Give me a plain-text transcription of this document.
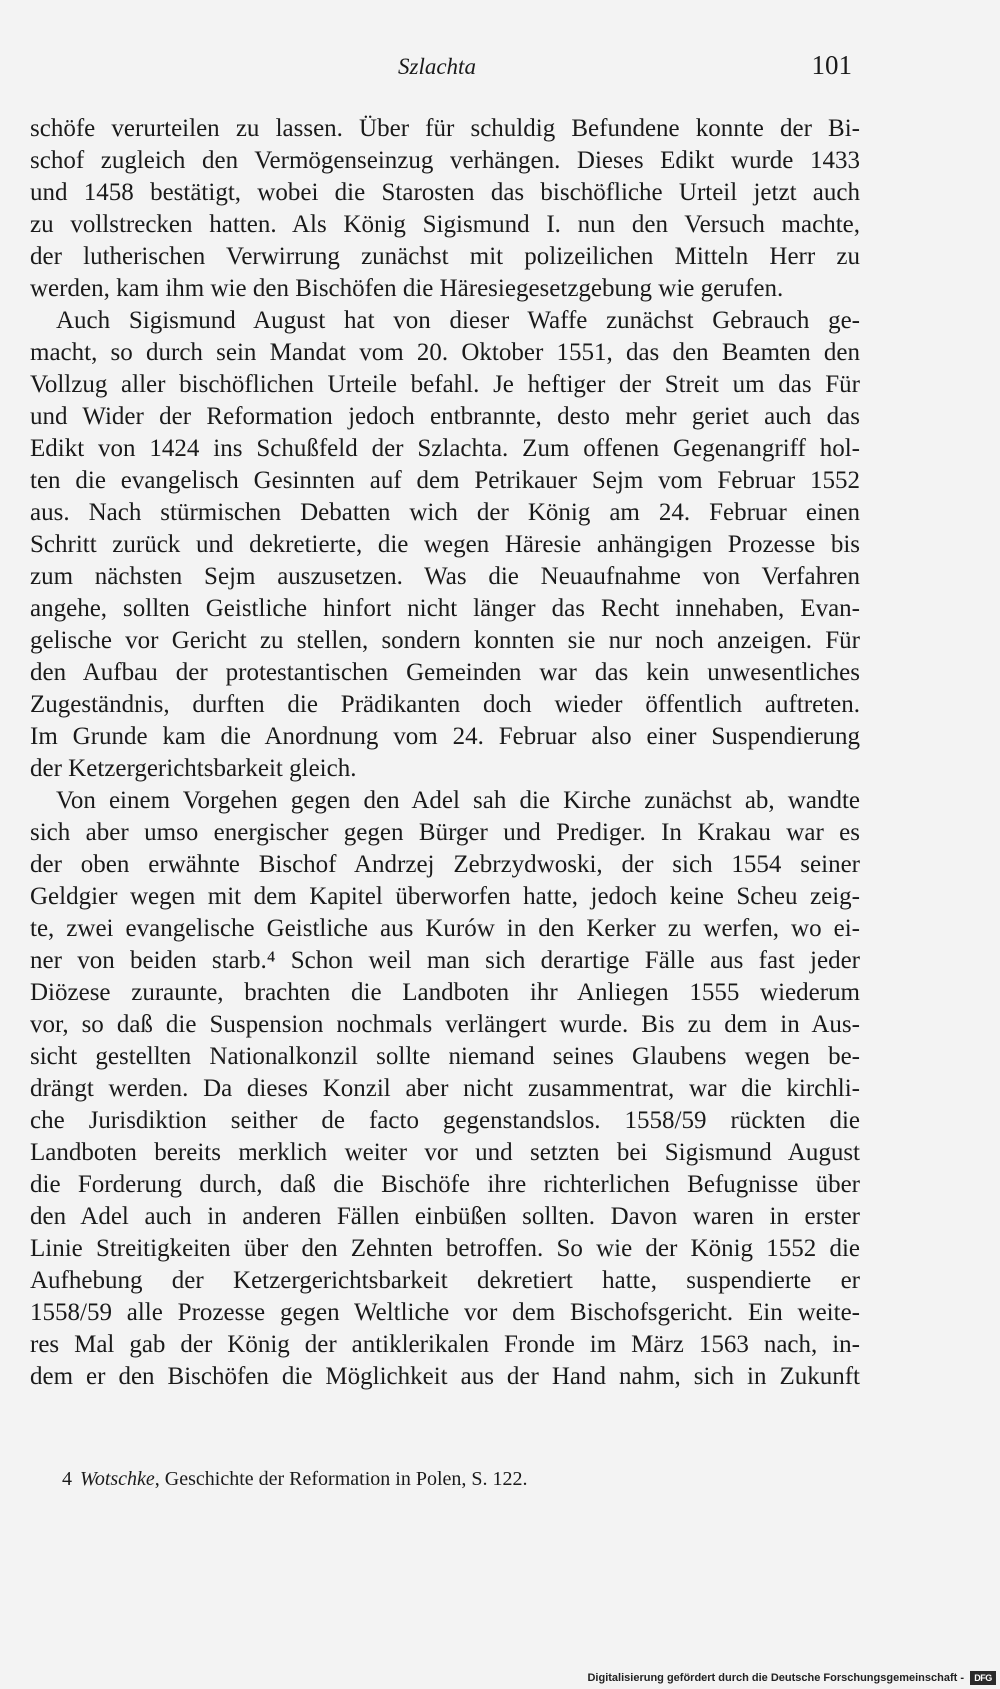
Szlachta	101
schöfe verurteilen zu lassen. Über für schuldig Befundene konnte der Bi-
schof zugleich den Vermögenseinzug verhängen. Dieses Edikt wurde 1433
und 1458 bestätigt, wobei die Starosten das bischöfliche Urteil jetzt auch
zu vollstrecken hatten. Als König Sigismund I. nun den Versuch machte,
der lutherischen Verwirrung zunächst mit polizeilichen Mitteln Herr zu
werden, kam ihm wie den Bischöfen die Häresiegesetzgebung wie gerufen.
Auch Sigismund August hat von dieser Waffe zunächst Gebrauch ge-
macht, so durch sein Mandat vom 20. Oktober 1551, das den Beamten den
Vollzug aller bischöflichen Urteile befahl. Je heftiger der Streit um das Für
und Wider der Reformation jedoch entbrannte, desto mehr geriet auch das
Edikt von 1424 ins Schußfeld der Szlachta. Zum offenen Gegenangriff hol-
ten die evangelisch Gesinnten auf dem Petrikauer Sejm vom Februar 1552
aus. Nach stürmischen Debatten wich der König am 24. Februar einen
Schritt zurück und dekretierte, die wegen Häresie anhängigen Prozesse bis
zum nächsten Sejm auszusetzen. Was die Neuaufnahme von Verfahren
angehe, sollten Geistliche hinfort nicht länger das Recht innehaben, Evan-
gelische vor Gericht zu stellen, sondern konnten sie nur noch anzeigen. Für
den Aufbau der protestantischen Gemeinden war das kein unwesentliches
Zugeständnis, durften die Prädikanten doch wieder öffentlich auftreten.
Im Grunde kam die Anordnung vom 24. Februar also einer Suspendierung
der Ketzergerichtsbarkeit gleich.
Von einem Vorgehen gegen den Adel sah die Kirche zunächst ab, wandte
sich aber umso energischer gegen Bürger und Prediger. In Krakau war es
der oben erwähnte Bischof Andrzej Zebrzydwoski, der sich 1554 seiner
Geldgier wegen mit dem Kapitel überworfen hatte, jedoch keine Scheu zeig-
te, zwei evangelische Geistliche aus Kurów in den Kerker zu werfen, wo ei-
ner von beiden starb.⁴ Schon weil man sich derartige Fälle aus fast jeder
Diözese zuraunte, brachten die Landboten ihr Anliegen 1555 wiederum
vor, so daß die Suspension nochmals verlängert wurde. Bis zu dem in Aus-
sicht gestellten Nationalkonzil sollte niemand seines Glaubens wegen be-
drängt werden. Da dieses Konzil aber nicht zusammentrat, war die kirchli-
che Jurisdiktion seither de facto gegenstandslos. 1558/59 rückten die
Landboten bereits merklich weiter vor und setzten bei Sigismund August
die Forderung durch, daß die Bischöfe ihre richterlichen Befugnisse über
den Adel auch in anderen Fällen einbüßen sollten. Davon waren in erster
Linie Streitigkeiten über den Zehnten betroffen. So wie der König 1552 die
Aufhebung der Ketzergerichtsbarkeit dekretiert hatte, suspendierte er
1558/59 alle Prozesse gegen Weltliche vor dem Bischofsgericht. Ein weite-
res Mal gab der König der antiklerikalen Fronde im März 1563 nach, in-
dem er den Bischöfen die Möglichkeit aus der Hand nahm, sich in Zukunft
4 Wotschke, Geschichte der Reformation in Polen, S. 122.
Digitalisierung gefördert durch die Deutsche Forschungsgemeinschaft -	DFG
